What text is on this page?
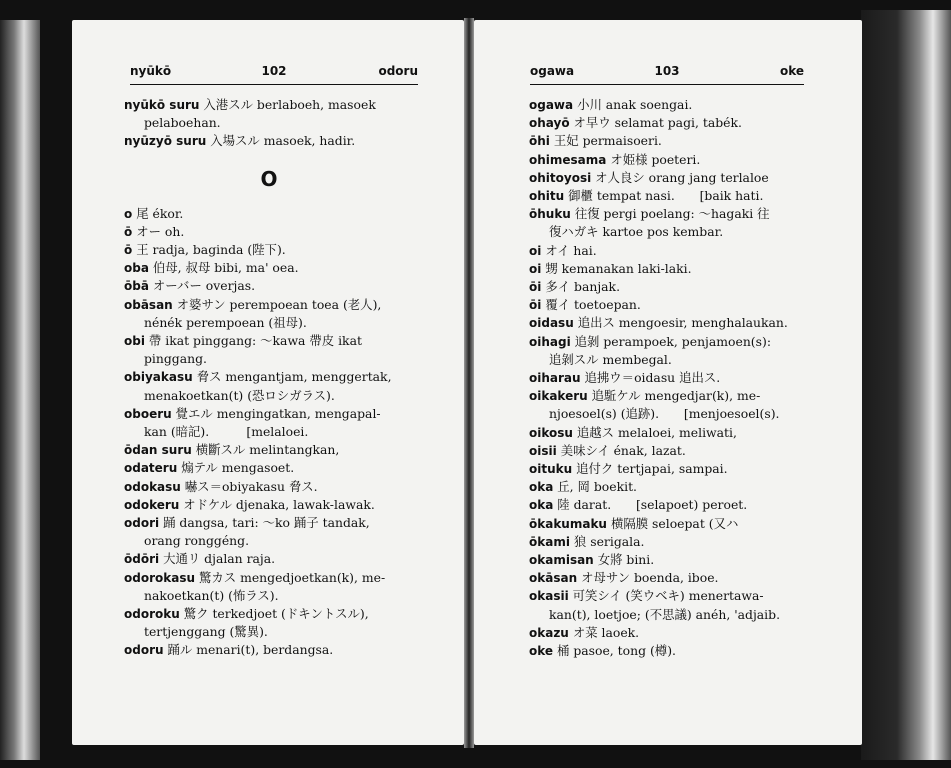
nyūkō	102	odoru
nyūkō suru 入港スル berlaboeh, masoek
pelaboehan.
nyūzyō suru 入場スル masoek, hadir.
O
o 尾 ékor.
ō オー oh.
ō 王 radja, baginda (陛下).
oba 伯母, 叔母 bibi, ma' oea.
ōbā オーバー overjas.
obāsan オ婆サン perempoean toea (老人),
nénék perempoean (祖母).
obi 帶 ikat pinggang: ～kawa 帶皮 ikat
pinggang.
obiyakasu 脅ス mengantjam, menggertak,
menakoetkan(t) (恐ロシガラス).
oboeru 覺エル mengingatkan, mengapal-
kan (暗記).　　　[melaloei.
ōdan suru 横斷スル melintangkan,
odateru 煽テル mengasoet.
odokasu 嚇ス＝obiyakasu 脅ス.
odokeru オドケル djenaka, lawak-lawak.
odori 踊 dangsa, tari: ～ko 踊子 tandak,
orang ronggéng.
ōdōri 大通リ djalan raja.
odorokasu 驚カス mengedjoetkan(k), me-
nakoetkan(t) (怖ラス).
odoroku 驚ク terkedjoet (ドキントスル),
tertjenggang (驚異).
odoru 踊ル menari(t), berdangsa.
ogawa	103	oke
ogawa 小川 anak soengai.
ohayō オ早ウ selamat pagi, tabék.
ōhi 王妃 permaisoeri.
ohimesama オ姫様 poeteri.
ohitoyosi オ人良シ orang jang terlaloe
ohitu 御櫃 tempat nasi.　　[baik hati.
ōhuku 往復 pergi poelang: ～hagaki 往
復ハガキ kartoe pos kembar.
oi オイ hai.
oi 甥 kemanakan laki-laki.
ōi 多イ banjak.
ōi 覆イ toetoepan.
oidasu 追出ス mengoesir, menghalaukan.
oihagi 追剝 perampoek, penjamoen(s):
追剝スル membegal.
oiharau 追拂ウ＝oidasu 追出ス.
oikakeru 追駈ケル mengedjar(k), me-
njoesoel(s) (追跡).　　[menjoesoel(s).
oikosu 追越ス melaloei, meliwati,
oisii 美味シイ énak, lazat.
oituku 追付ク tertjapai, sampai.
oka 丘, 岡 boekit.
oka 陸 darat.　　[selapoet) peroet.
ōkakumaku 横隔膜 seloepat (又ハ
ōkami 狼 serigala.
okamisan 女將 bini.
okāsan オ母サン boenda, iboe.
okasii 可笑シイ (笑ウベキ) menertawa-
kan(t), loetjoe; (不思議) anéh, 'adjaib.
okazu オ菜 laoek.
oke 桶 pasoe, tong (樽).
